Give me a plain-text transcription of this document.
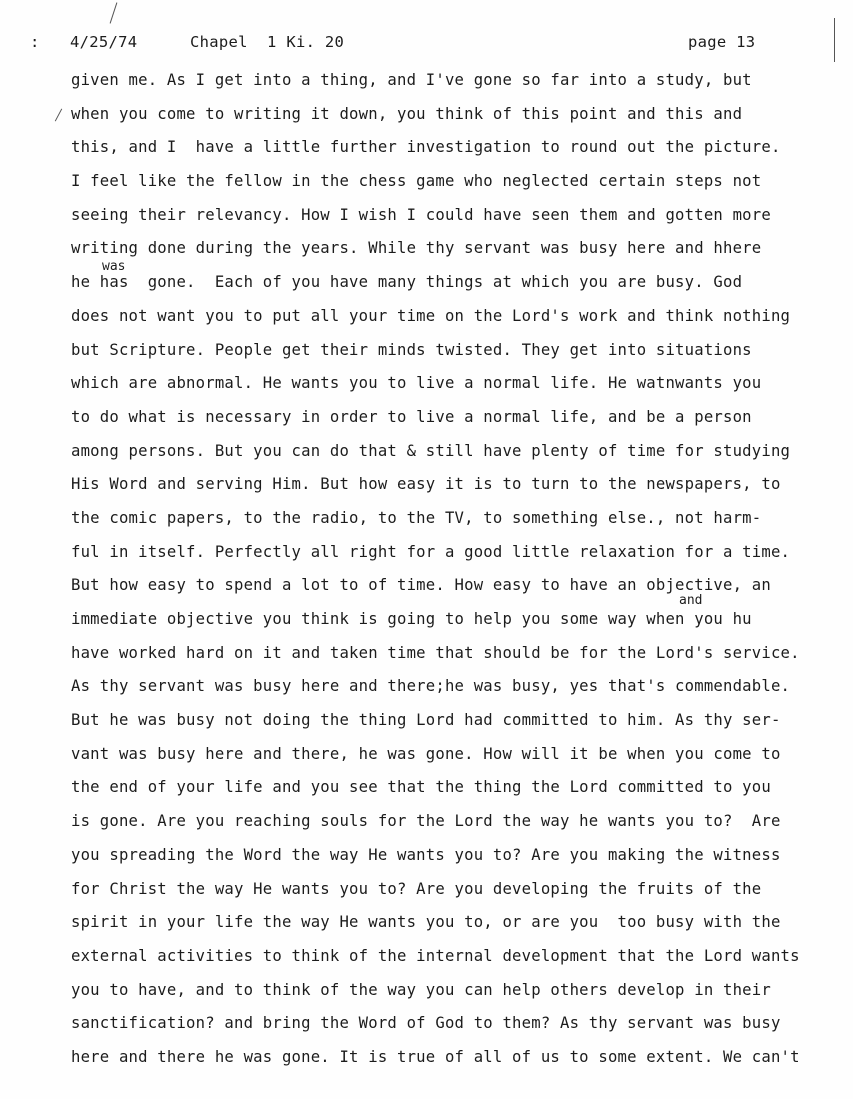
: 4/25/74	Chapel  1 Ki. 20	page 13
was
and
given me. As I get into a thing, and I've gone so far into a study, but
when you come to writing it down, you think of this point and this and
this, and I  have a little further investigation to round out the picture.
I feel like the fellow in the chess game who neglected certain steps not
seeing their relevancy. How I wish I could have seen them and gotten more
writing done during the years. While thy servant was busy here and hhere
he has  gone.  Each of you have many things at which you are busy. God
does not want you to put all your time on the Lord's work and think nothing
but Scripture. People get their minds twisted. They get into situations
which are abnormal. He wants you to live a normal life. He watnwants you
to do what is necessary in order to live a normal life, and be a person
among persons. But you can do that & still have plenty of time for studying
His Word and serving Him. But how easy it is to turn to the newspapers, to
the comic papers, to the radio, to the TV, to something else., not harm-
ful in itself. Perfectly all right for a good little relaxation for a time.
But how easy to spend a lot to of time. How easy to have an objective, an
immediate objective you think is going to help you some way when you hu
have worked hard on it and taken time that should be for the Lord's service.
As thy servant was busy here and there;he was busy, yes that's commendable.
But he was busy not doing the thing Lord had committed to him. As thy ser-
vant was busy here and there, he was gone. How will it be when you come to
the end of your life and you see that the thing the Lord committed to you
is gone. Are you reaching souls for the Lord the way he wants you to?  Are
you spreading the Word the way He wants you to? Are you making the witness
for Christ the way He wants you to? Are you developing the fruits of the
spirit in your life the way He wants you to, or are you  too busy with the
external activities to think of the internal development that the Lord wants
you to have, and to think of the way you can help others develop in their
sanctification? and bring the Word of God to them? As thy servant was busy
here and there he was gone. It is true of all of us to some extent. We can't
